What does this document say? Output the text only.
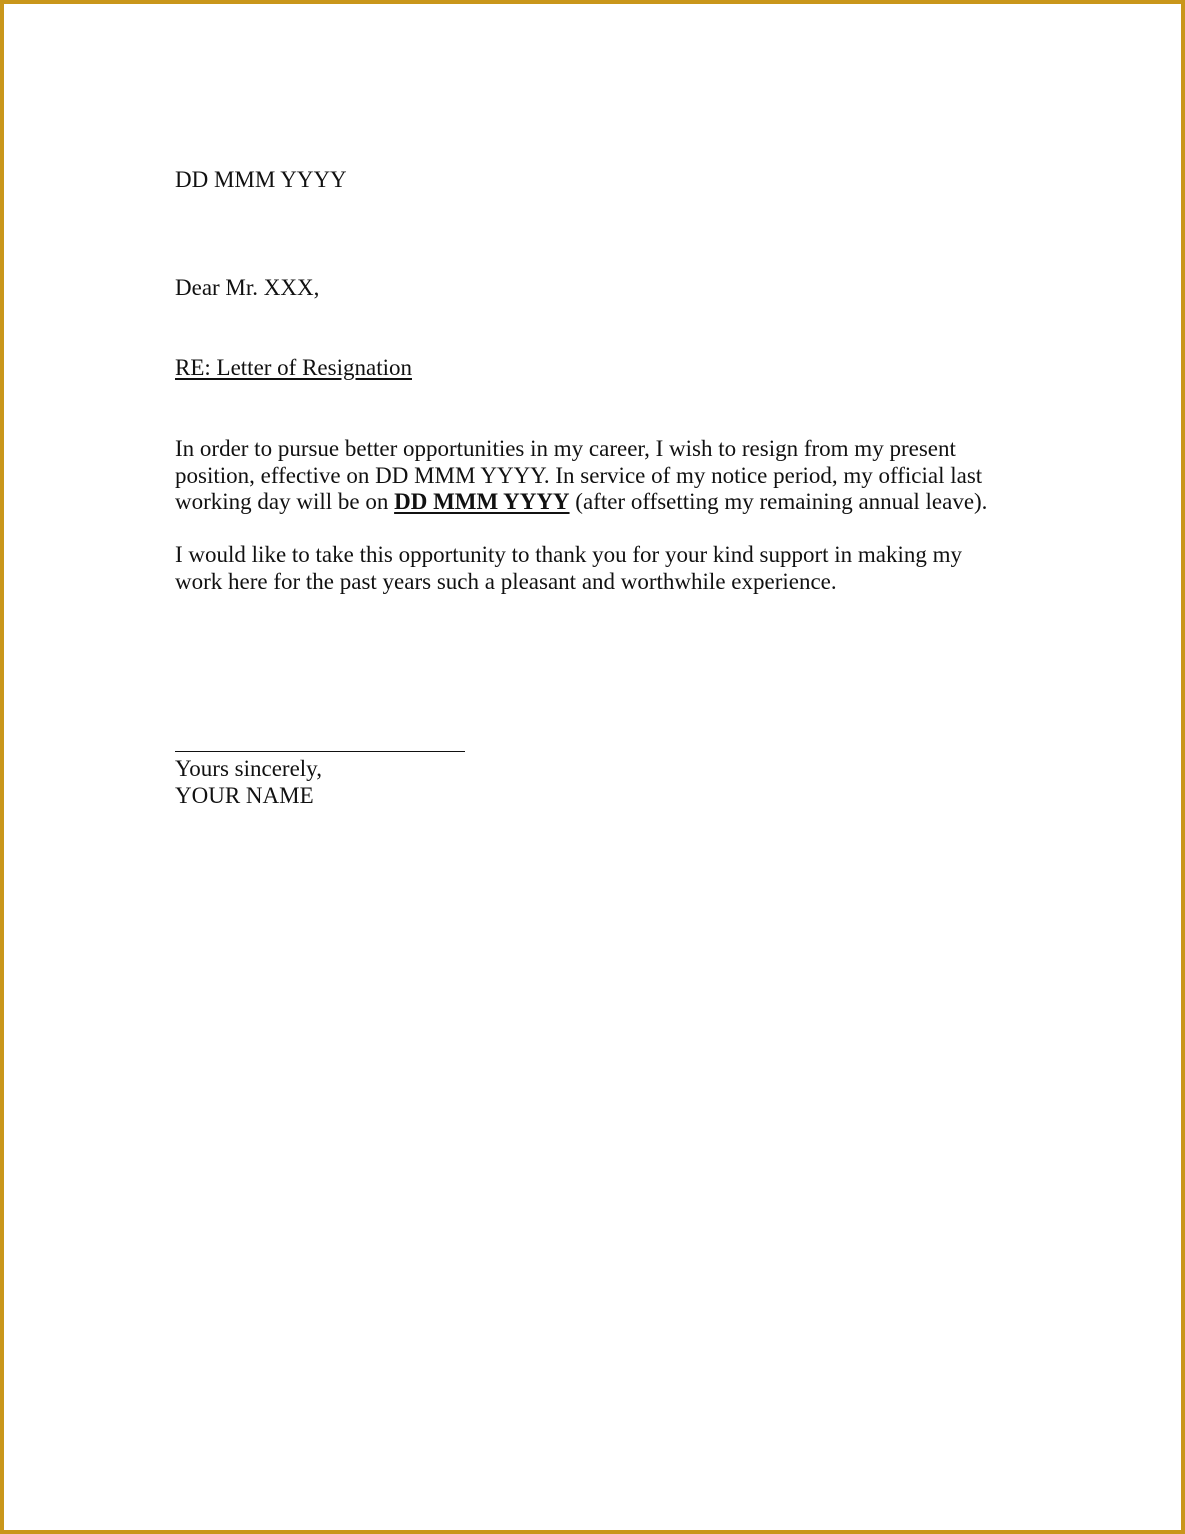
DD MMM YYYY
Dear Mr. XXX,
RE: Letter of Resignation
In order to pursue better opportunities in my career, I wish to resign from my present
position, effective on DD MMM YYYY. In service of my notice period, my official last
working day will be on DD MMM YYYY (after offsetting my remaining annual leave).
I would like to take this opportunity to thank you for your kind support in making my
work here for the past years such a pleasant and worthwhile experience.
Yours sincerely,
YOUR NAME
